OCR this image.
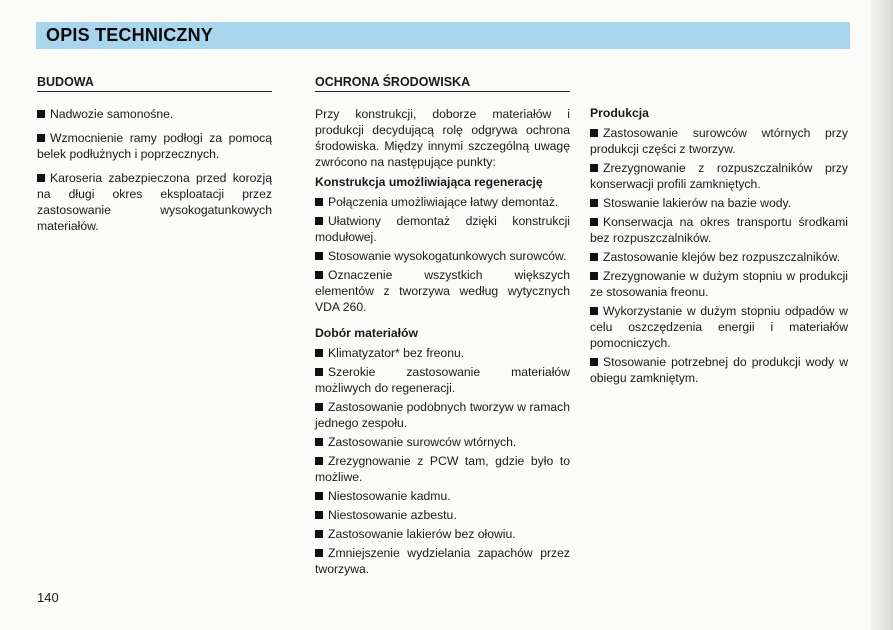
OPIS TECHNICZNY
BUDOWA

Nadwozie samonośne.

Wzmocnienie ramy podłogi za pomocą belek podłużnych i poprzecznych.

Karoseria zabezpieczona przed korozją na długi okres eksploatacji przez zastosowanie wysokogatunkowych materiałów.

OCHRONA ŚRODOWISKA

Przy konstrukcji, doborze materiałów i produkcji decydującą rolę odgrywa ochrona środowiska. Między innymi szczególną uwagę zwrócono na następujące punkty:

Konstrukcja umożliwiająca regenerację

Połączenia umożliwiające łatwy demontaż.

Ułatwiony demontaż dzięki konstrukcji modułowej.

Stosowanie wysokogatunkowych surowców.

Oznaczenie wszystkich większych elementów z tworzywa według wytycznych VDA 260.

Dobór materiałów

Klimatyzator* bez freonu.

Szerokie zastosowanie materiałów możliwych do regeneracji.

Zastosowanie podobnych tworzyw w ramach jednego zespołu.

Zastosowanie surowców wtórnych.

Zrezygnowanie z PCW tam, gdzie było to możliwe.

Niestosowanie kadmu.

Niestosowanie azbestu.

Zastosowanie lakierów bez ołowiu.

Zmniejszenie wydzielania zapachów przez tworzywa.

Produkcja

Zastosowanie surowców wtórnych przy produkcji części z tworzyw.

Zrezygnowanie z rozpuszczalników przy konserwacji profili zamkniętych.

Stoswanie lakierów na bazie wody.

Konserwacja na okres transportu środkami bez rozpuszczalników.

Zastosowanie klejów bez rozpuszczalników.

Zrezygnowanie w dużym stopniu w produkcji ze stosowania freonu.

Wykorzystanie w dużym stopniu odpadów w celu oszczędzenia energii i materiałów pomocniczych.

Stosowanie potrzebnej do produkcji wody w obiegu zamkniętym.

140
